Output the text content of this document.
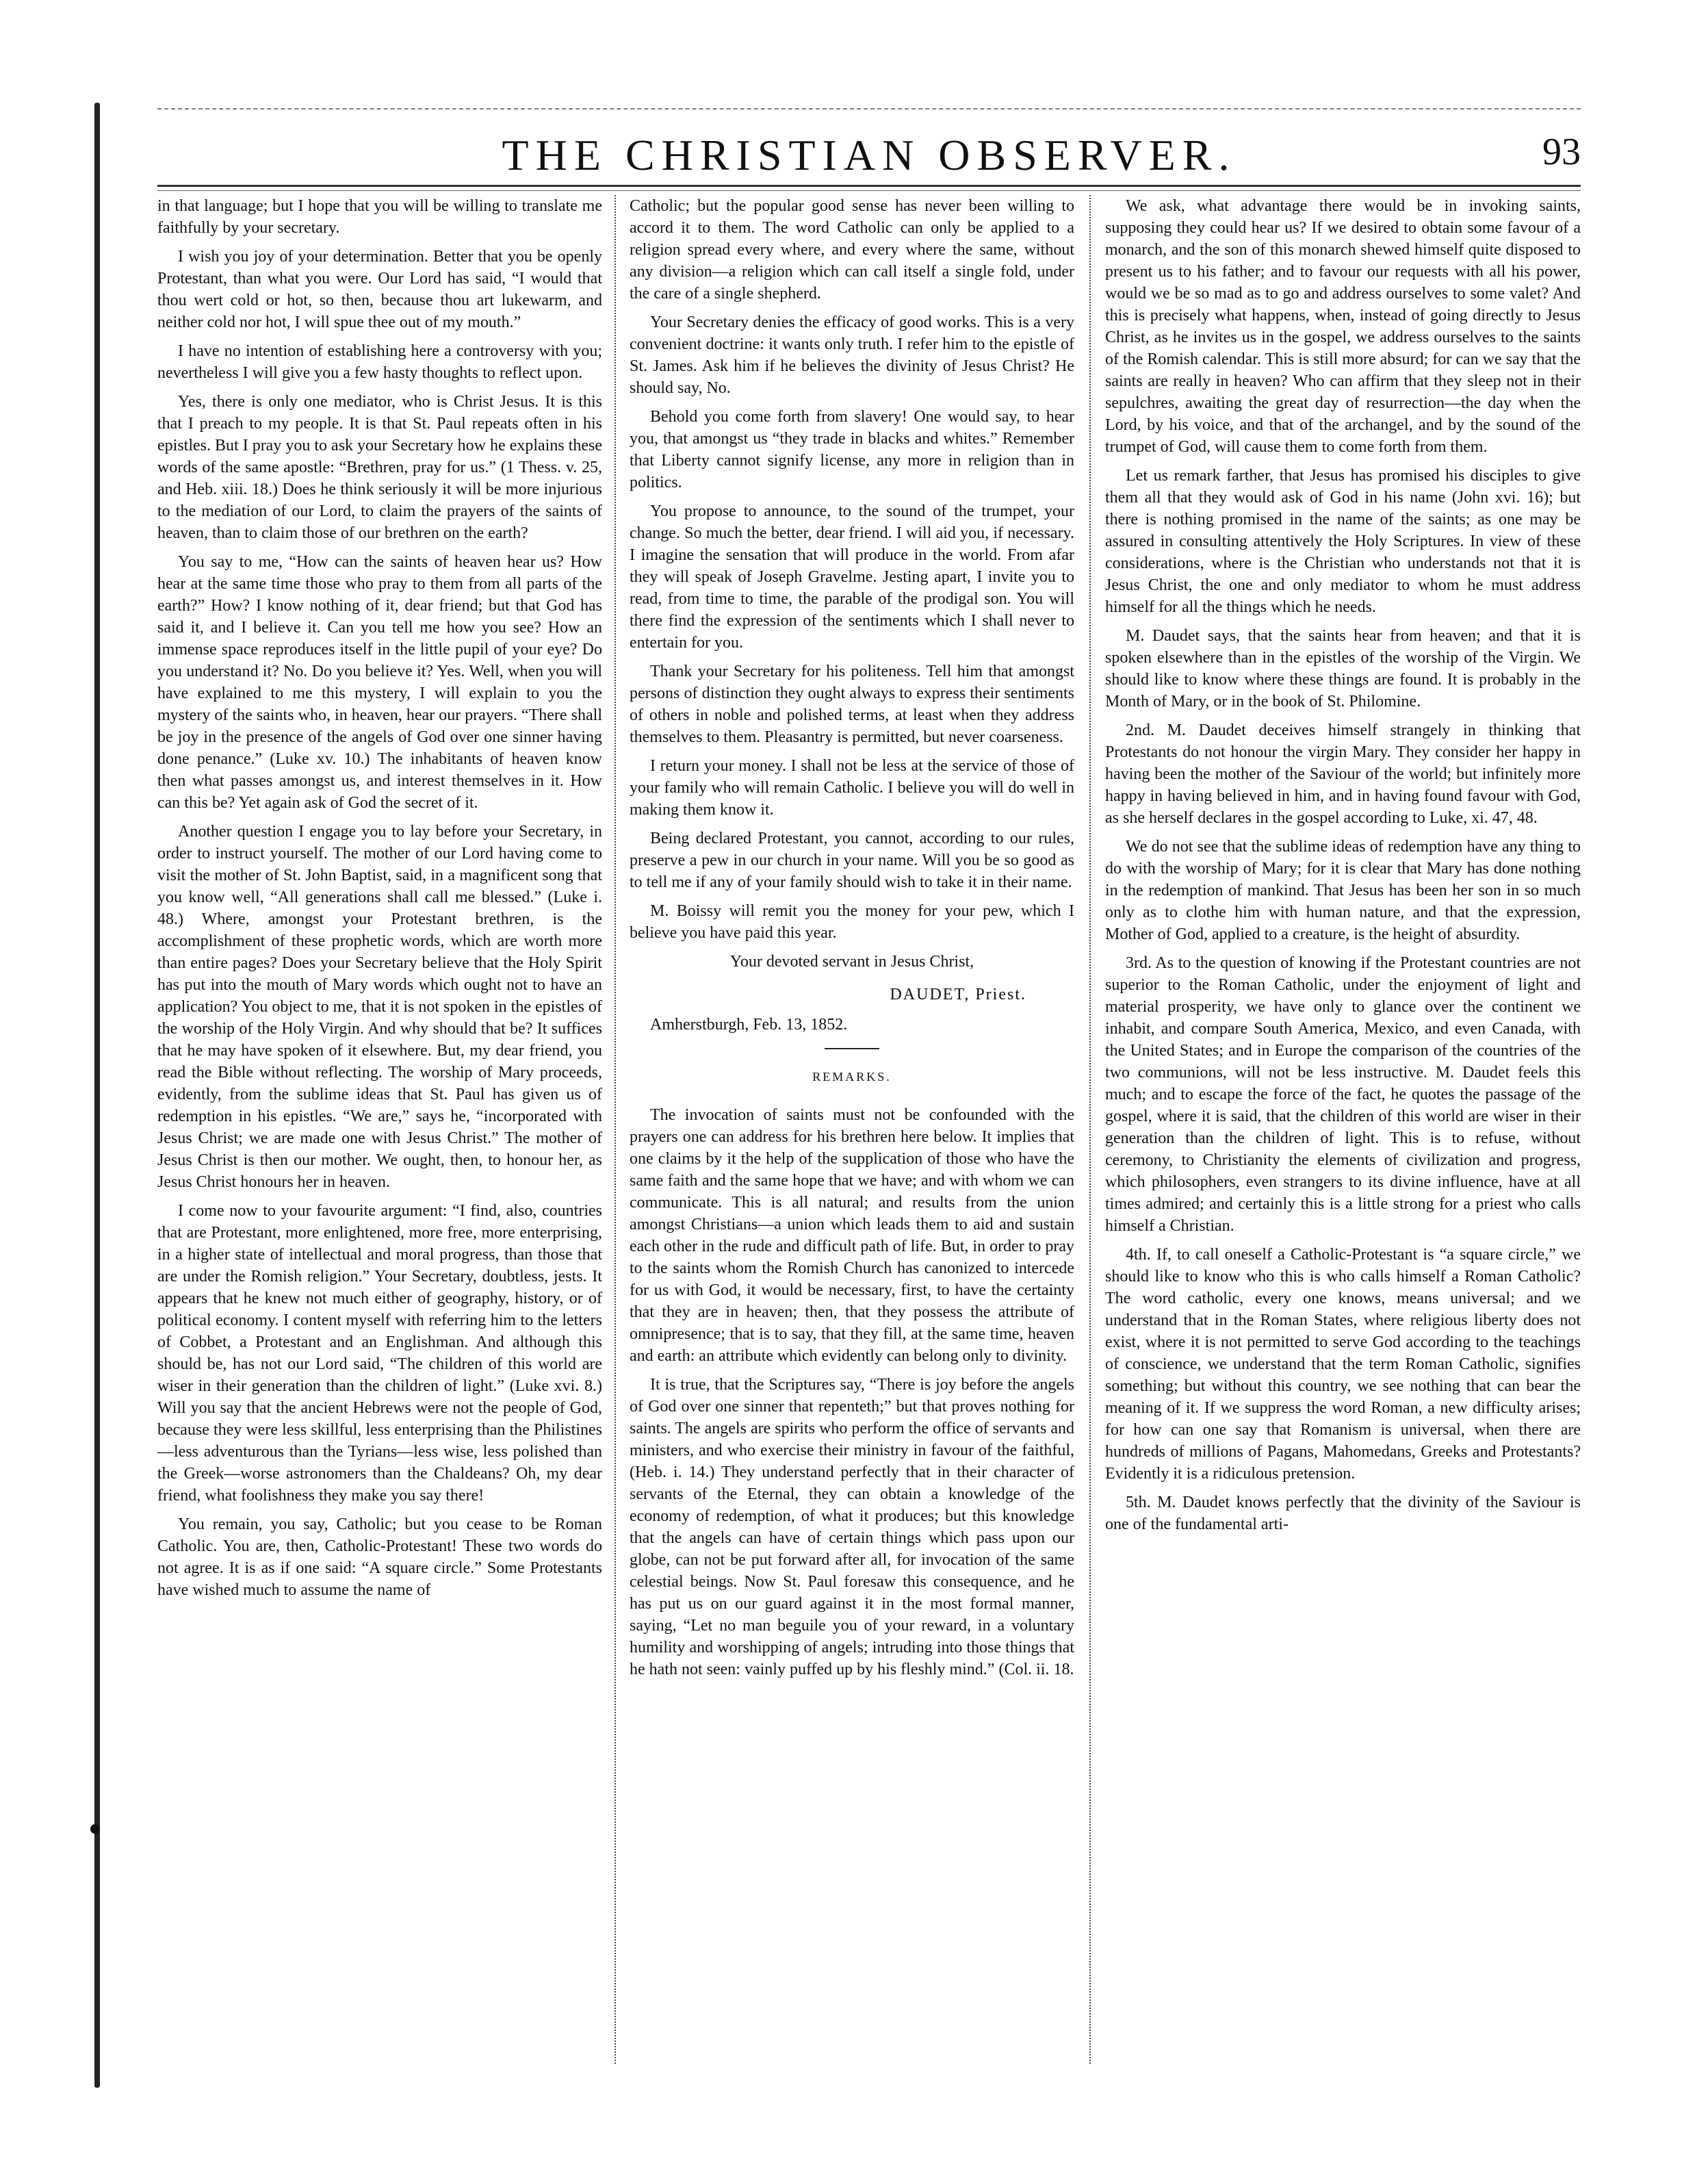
THE CHRISTIAN OBSERVER.	93

in that language; but I hope that you will be willing to translate me faithfully by your secretary.

I wish you joy of your determination. Better that you be openly Protestant, than what you were. Our Lord has said, “I would that thou wert cold or hot, so then, because thou art lukewarm, and neither cold nor hot, I will spue thee out of my mouth.”

I have no intention of establishing here a controversy with you; nevertheless I will give you a few hasty thoughts to reflect upon.

Yes, there is only one mediator, who is Christ Jesus. It is this that I preach to my people. It is that St. Paul repeats often in his epistles. But I pray you to ask your Secretary how he explains these words of the same apostle: “Brethren, pray for us.” (1 Thess. v. 25, and Heb. xiii. 18.) Does he think seriously it will be more injurious to the mediation of our Lord, to claim the prayers of the saints of heaven, than to claim those of our brethren on the earth?

You say to me, “How can the saints of heaven hear us? How hear at the same time those who pray to them from all parts of the earth?” How? I know nothing of it, dear friend; but that God has said it, and I believe it. Can you tell me how you see? How an immense space reproduces itself in the little pupil of your eye? Do you understand it? No. Do you believe it? Yes. Well, when you will have explained to me this mystery, I will explain to you the mystery of the saints who, in heaven, hear our prayers. “There shall be joy in the presence of the angels of God over one sinner having done penance.” (Luke xv. 10.) The inhabitants of heaven know then what passes amongst us, and interest themselves in it. How can this be? Yet again ask of God the secret of it.

Another question I engage you to lay before your Secretary, in order to instruct yourself. The mother of our Lord having come to visit the mother of St. John Baptist, said, in a magnificent song that you know well, “All generations shall call me blessed.” (Luke i. 48.) Where, amongst your Protestant brethren, is the accomplishment of these prophetic words, which are worth more than entire pages? Does your Secretary believe that the Holy Spirit has put into the mouth of Mary words which ought not to have an application? You object to me, that it is not spoken in the epistles of the worship of the Holy Virgin. And why should that be? It suffices that he may have spoken of it elsewhere. But, my dear friend, you read the Bible without reflecting. The worship of Mary proceeds, evidently, from the sublime ideas that St. Paul has given us of redemption in his epistles. “We are,” says he, “incorporated with Jesus Christ; we are made one with Jesus Christ.” The mother of Jesus Christ is then our mother. We ought, then, to honour her, as Jesus Christ honours her in heaven.

I come now to your favourite argument: “I find, also, countries that are Protestant, more enlightened, more free, more enterprising, in a higher state of intellectual and moral progress, than those that are under the Romish religion.” Your Secretary, doubtless, jests. It appears that he knew not much either of geography, history, or of political economy. I content myself with referring him to the letters of Cobbet, a Protestant and an Englishman. And although this should be, has not our Lord said, “The children of this world are wiser in their generation than the children of light.” (Luke xvi. 8.) Will you say that the ancient Hebrews were not the people of God, because they were less skillful, less enterprising than the Philistines—less adventurous than the Tyrians—less wise, less polished than the Greek—worse astronomers than the Chaldeans? Oh, my dear friend, what foolishness they make you say there!

You remain, you say, Catholic; but you cease to be Roman Catholic. You are, then, Catholic-Protestant! These two words do not agree. It is as if one said: “A square circle.” Some Protestants have wished much to assume the name of

Catholic; but the popular good sense has never been willing to accord it to them. The word Catholic can only be applied to a religion spread every where, and every where the same, without any division—a religion which can call itself a single fold, under the care of a single shepherd.

Your Secretary denies the efficacy of good works. This is a very convenient doctrine: it wants only truth. I refer him to the epistle of St. James. Ask him if he believes the divinity of Jesus Christ? He should say, No.

Behold you come forth from slavery! One would say, to hear you, that amongst us “they trade in blacks and whites.” Remember that Liberty cannot signify license, any more in religion than in politics.

You propose to announce, to the sound of the trumpet, your change. So much the better, dear friend. I will aid you, if necessary. I imagine the sensation that will produce in the world. From afar they will speak of Joseph Gravelme. Jesting apart, I invite you to read, from time to time, the parable of the prodigal son. You will there find the expression of the sentiments which I shall never to entertain for you.

Thank your Secretary for his politeness. Tell him that amongst persons of distinction they ought always to express their sentiments of others in noble and polished terms, at least when they address themselves to them. Pleasantry is permitted, but never coarseness.

I return your money. I shall not be less at the service of those of your family who will remain Catholic. I believe you will do well in making them know it.

Being declared Protestant, you cannot, according to our rules, preserve a pew in our church in your name. Will you be so good as to tell me if any of your family should wish to take it in their name.

M. Boissy will remit you the money for your pew, which I believe you have paid this year.

Your devoted servant in Jesus Christ,

DAUDET, Priest.

Amherstburgh, Feb. 13, 1852.

REMARKS.

The invocation of saints must not be confounded with the prayers one can address for his brethren here below. It implies that one claims by it the help of the supplication of those who have the same faith and the same hope that we have; and with whom we can communicate. This is all natural; and results from the union amongst Christians—a union which leads them to aid and sustain each other in the rude and difficult path of life. But, in order to pray to the saints whom the Romish Church has canonized to intercede for us with God, it would be necessary, first, to have the certainty that they are in heaven; then, that they possess the attribute of omnipresence; that is to say, that they fill, at the same time, heaven and earth: an attribute which evidently can belong only to divinity.

It is true, that the Scriptures say, “There is joy before the angels of God over one sinner that repenteth;” but that proves nothing for saints. The angels are spirits who perform the office of servants and ministers, and who exercise their ministry in favour of the faithful, (Heb. i. 14.) They understand perfectly that in their character of servants of the Eternal, they can obtain a knowledge of the economy of redemption, of what it produces; but this knowledge that the angels can have of certain things which pass upon our globe, can not be put forward after all, for invocation of the same celestial beings. Now St. Paul foresaw this consequence, and he has put us on our guard against it in the most formal manner, saying, “Let no man beguile you of your reward, in a voluntary humility and worshipping of angels; intruding into those things that he hath not seen: vainly puffed up by his fleshly mind.” (Col. ii. 18.

We ask, what advantage there would be in invoking saints, supposing they could hear us? If we desired to obtain some favour of a monarch, and the son of this monarch shewed himself quite disposed to present us to his father; and to favour our requests with all his power, would we be so mad as to go and address ourselves to some valet? And this is precisely what happens, when, instead of going directly to Jesus Christ, as he invites us in the gospel, we address ourselves to the saints of the Romish calendar. This is still more absurd; for can we say that the saints are really in heaven? Who can affirm that they sleep not in their sepulchres, awaiting the great day of resurrection—the day when the Lord, by his voice, and that of the archangel, and by the sound of the trumpet of God, will cause them to come forth from them.

Let us remark farther, that Jesus has promised his disciples to give them all that they would ask of God in his name (John xvi. 16); but there is nothing promised in the name of the saints; as one may be assured in consulting attentively the Holy Scriptures. In view of these considerations, where is the Christian who understands not that it is Jesus Christ, the one and only mediator to whom he must address himself for all the things which he needs.

M. Daudet says, that the saints hear from heaven; and that it is spoken elsewhere than in the epistles of the worship of the Virgin. We should like to know where these things are found. It is probably in the Month of Mary, or in the book of St. Philomine.

2nd. M. Daudet deceives himself strangely in thinking that Protestants do not honour the virgin Mary. They consider her happy in having been the mother of the Saviour of the world; but infinitely more happy in having believed in him, and in having found favour with God, as she herself declares in the gospel according to Luke, xi. 47, 48.

We do not see that the sublime ideas of redemption have any thing to do with the worship of Mary; for it is clear that Mary has done nothing in the redemption of mankind. That Jesus has been her son in so much only as to clothe him with human nature, and that the expression, Mother of God, applied to a creature, is the height of absurdity.

3rd. As to the question of knowing if the Protestant countries are not superior to the Roman Catholic, under the enjoyment of light and material prosperity, we have only to glance over the continent we inhabit, and compare South America, Mexico, and even Canada, with the United States; and in Europe the comparison of the countries of the two communions, will not be less instructive. M. Daudet feels this much; and to escape the force of the fact, he quotes the passage of the gospel, where it is said, that the children of this world are wiser in their generation than the children of light. This is to refuse, without ceremony, to Christianity the elements of civilization and progress, which philosophers, even strangers to its divine influence, have at all times admired; and certainly this is a little strong for a priest who calls himself a Christian.

4th. If, to call oneself a Catholic-Protestant is “a square circle,” we should like to know who this is who calls himself a Roman Catholic? The word catholic, every one knows, means universal; and we understand that in the Roman States, where religious liberty does not exist, where it is not permitted to serve God according to the teachings of conscience, we understand that the term Roman Catholic, signifies something; but without this country, we see nothing that can bear the meaning of it. If we suppress the word Roman, a new difficulty arises; for how can one say that Romanism is universal, when there are hundreds of millions of Pagans, Mahomedans, Greeks and Protestants? Evidently it is a ridiculous pretension.

5th. M. Daudet knows perfectly that the divinity of the Saviour is one of the fundamental arti-
